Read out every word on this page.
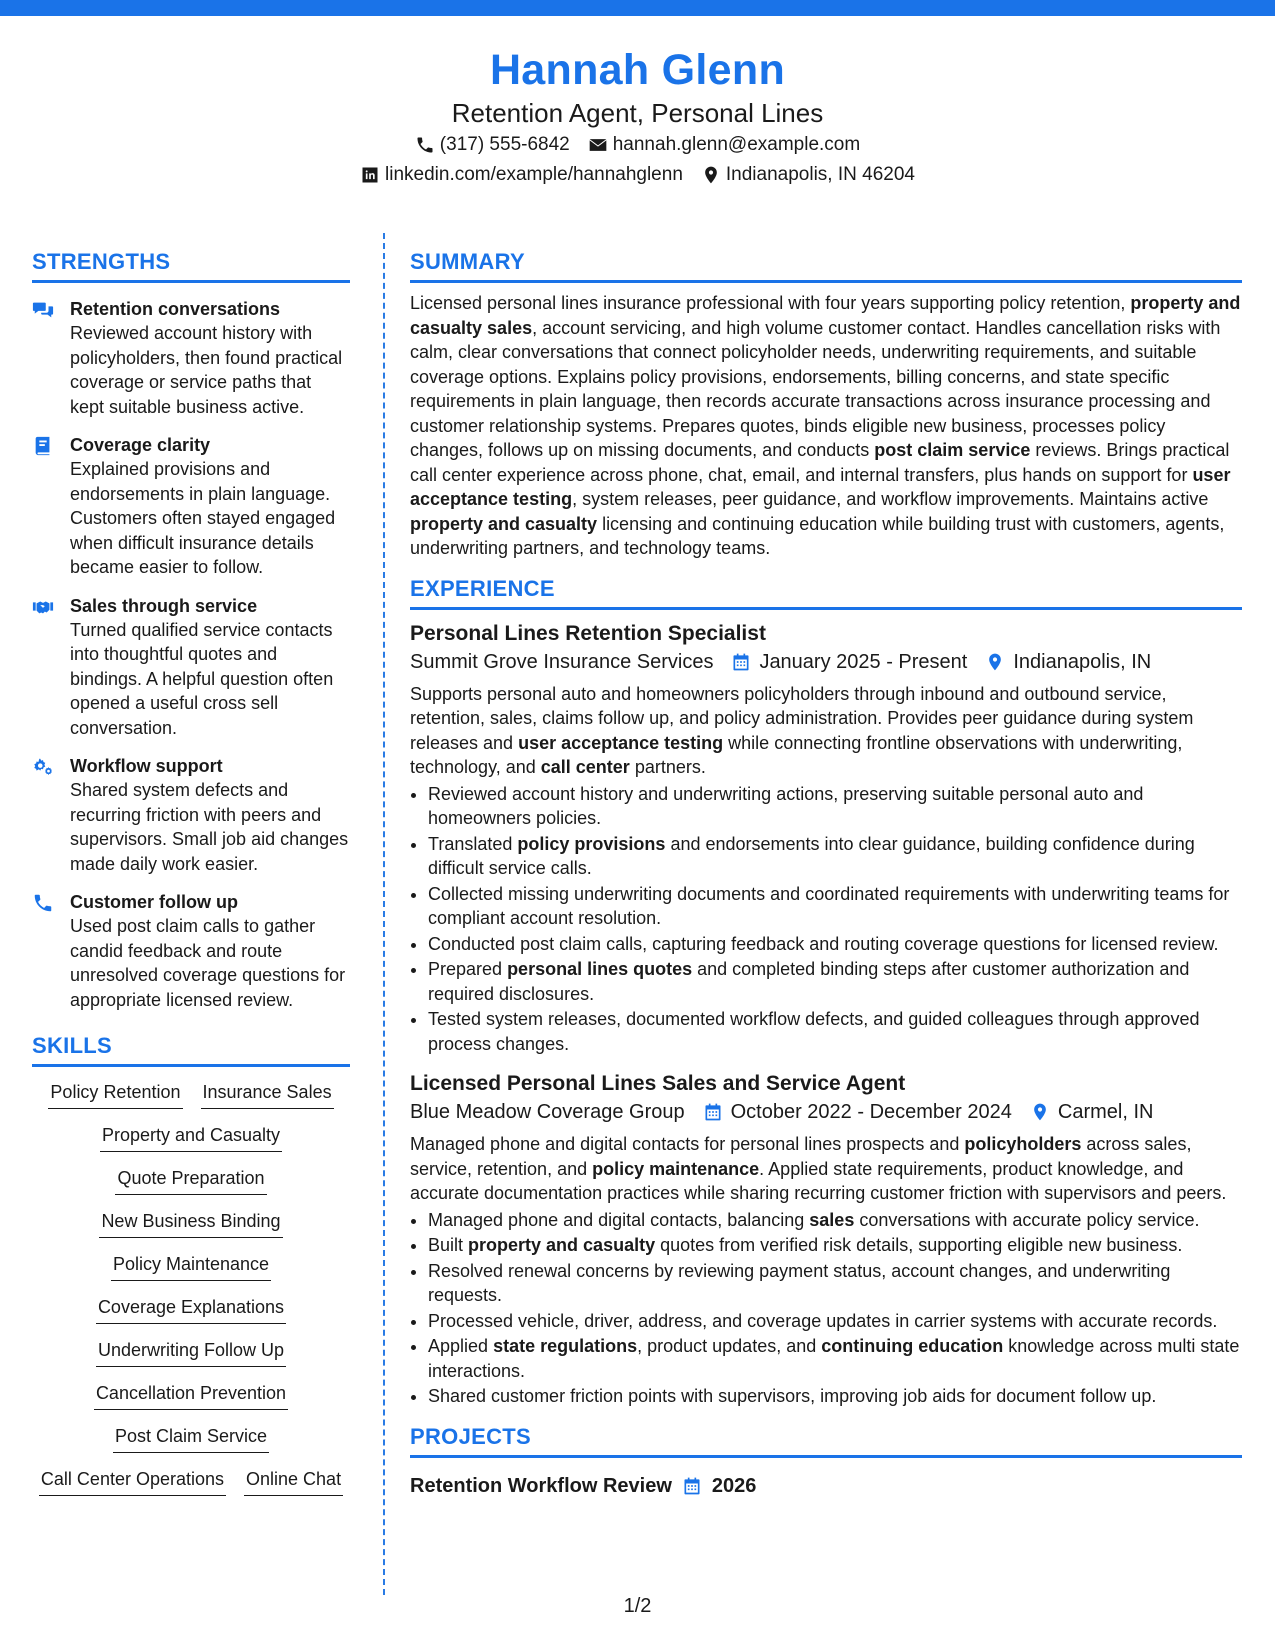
Hannah Glenn
Retention Agent, Personal Lines
(317) 555-6842 hannah.glenn@example.com
linkedin.com/example/hannahglenn Indianapolis, IN 46204
STRENGTHS
Retention conversations
Reviewed account history with policyholders, then found practical coverage or service paths that kept suitable business active.
Coverage clarity
Explained provisions and endorsements in plain language. Customers often stayed engaged when difficult insurance details became easier to follow.
Sales through service
Turned qualified service contacts into thoughtful quotes and bindings. A helpful question often opened a useful cross sell conversation.
Workflow support
Shared system defects and recurring friction with peers and supervisors. Small job aid changes made daily work easier.
Customer follow up
Used post claim calls to gather candid feedback and route unresolved coverage questions for appropriate licensed review.
SKILLS
Policy Retention Insurance Sales
Property and Casualty
Quote Preparation
New Business Binding
Policy Maintenance
Coverage Explanations
Underwriting Follow Up
Cancellation Prevention
Post Claim Service
Call Center Operations Online Chat
SUMMARY
Licensed personal lines insurance professional with four years supporting policy retention, property and casualty sales, account servicing, and high volume customer contact. Handles cancellation risks with calm, clear conversations that connect policyholder needs, underwriting requirements, and suitable coverage options. Explains policy provisions, endorsements, billing concerns, and state specific requirements in plain language, then records accurate transactions across insurance processing and customer relationship systems. Prepares quotes, binds eligible new business, processes policy changes, follows up on missing documents, and conducts post claim service reviews. Brings practical call center experience across phone, chat, email, and internal transfers, plus hands on support for user acceptance testing, system releases, peer guidance, and workflow improvements. Maintains active property and casualty licensing and continuing education while building trust with customers, agents, underwriting partners, and technology teams.
EXPERIENCE
Personal Lines Retention Specialist
Summit Grove Insurance Services January 2025 - Present Indianapolis, IN
Supports personal auto and homeowners policyholders through inbound and outbound service, retention, sales, claims follow up, and policy administration. Provides peer guidance during system releases and user acceptance testing while connecting frontline observations with underwriting, technology, and call center partners.
• Reviewed account history and underwriting actions, preserving suitable personal auto and homeowners policies.
• Translated policy provisions and endorsements into clear guidance, building confidence during difficult service calls.
• Collected missing underwriting documents and coordinated requirements with underwriting teams for compliant account resolution.
• Conducted post claim calls, capturing feedback and routing coverage questions for licensed review.
• Prepared personal lines quotes and completed binding steps after customer authorization and required disclosures.
• Tested system releases, documented workflow defects, and guided colleagues through approved process changes.
Licensed Personal Lines Sales and Service Agent
Blue Meadow Coverage Group October 2022 - December 2024 Carmel, IN
Managed phone and digital contacts for personal lines prospects and policyholders across sales, service, retention, and policy maintenance. Applied state requirements, product knowledge, and accurate documentation practices while sharing recurring customer friction with supervisors and peers.
• Managed phone and digital contacts, balancing sales conversations with accurate policy service.
• Built property and casualty quotes from verified risk details, supporting eligible new business.
• Resolved renewal concerns by reviewing payment status, account changes, and underwriting requests.
• Processed vehicle, driver, address, and coverage updates in carrier systems with accurate records.
• Applied state regulations, product updates, and continuing education knowledge across multi state interactions.
• Shared customer friction points with supervisors, improving job aids for document follow up.
PROJECTS
Retention Workflow Review 2026
1/2
